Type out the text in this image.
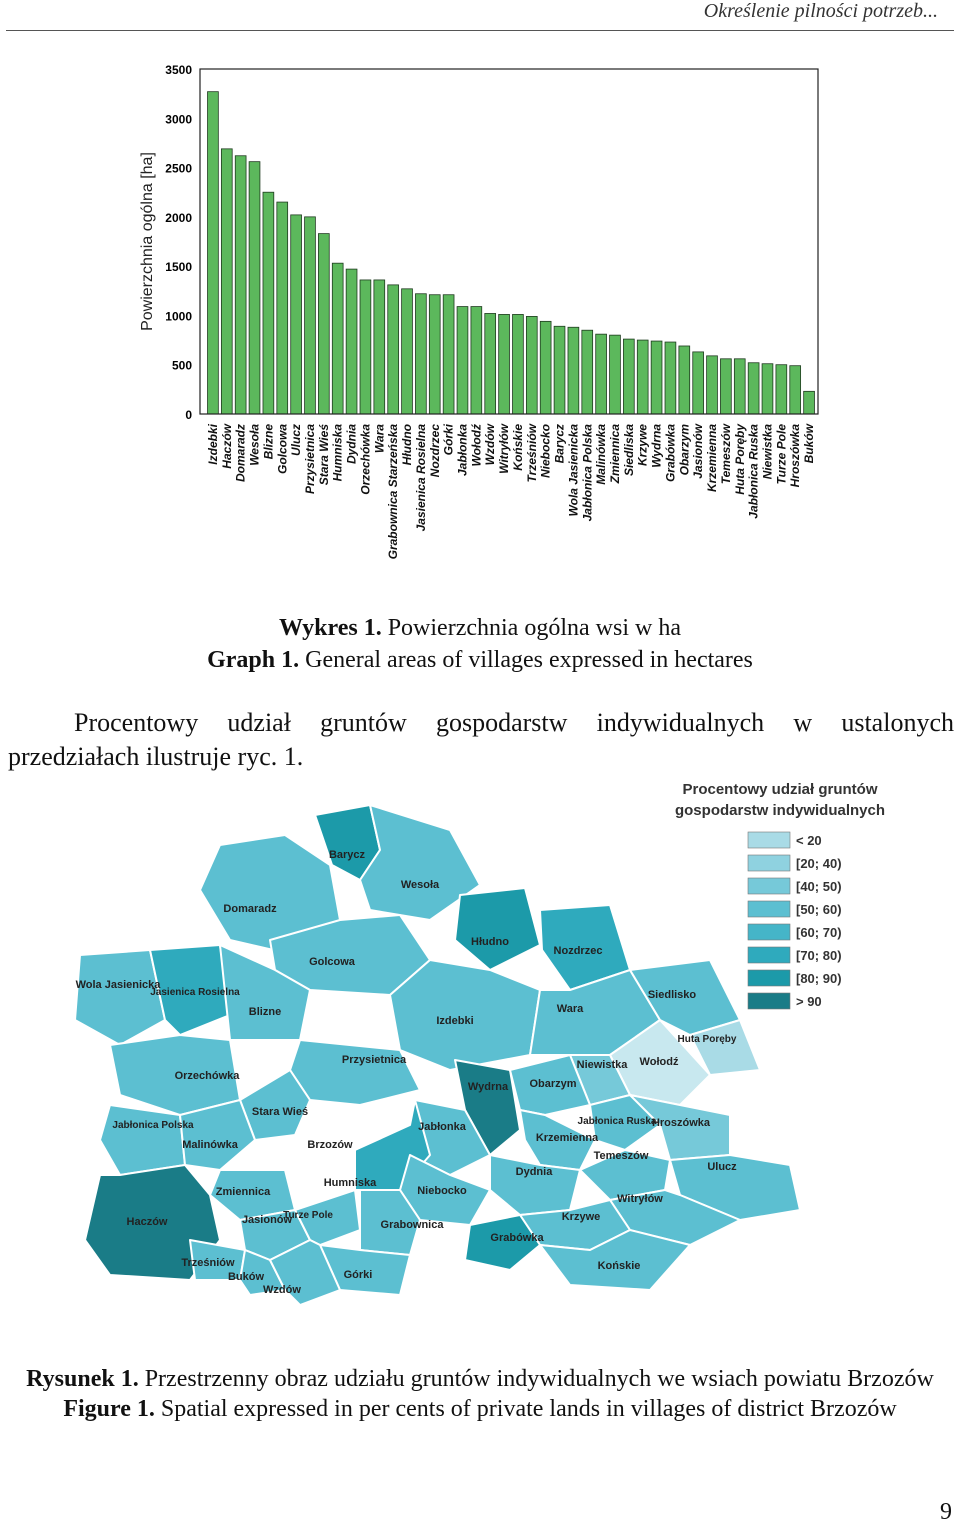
Określenie pilności potrzeb...
Powierzchnia ogólna [ha]
0
500
1000
1500
2000
2500
3000
3500
Izdebki Haczów Domaradz Wesoła Blizne Golcowa Ulucz Przysietnica Stara Wieś Humniska Dydnia Orzechówka Wara Grabownica Starzeńska Hłudno Jasienica Rosielna Nozdrzec Górki Jabłonka Wołodź Wzdów Witryłów Końskie Trześniów Niebocko Barycz Wola Jasienicka Jabłonica Polska Malinówka Zmiennica Siedliska Krzywe Wydrna Grabówka Obarzym Jasionów Krzemienna Temeszów Huta Poręby Jabłonica Ruska Niewistka Turze Pole Hroszówka Buków
Wykres 1. Powierzchnia ogólna wsi w ha
Graph 1. General areas of villages expressed in hectares
Procentowy udział gruntów gospodarstw indywidualnych w ustalonych przedziałach ilustruje ryc. 1.
Barycz
Wesoła
Domaradz
Hłudno
Nozdrzec
Golcowa
Wola Jasienicka
Jasienica Rosielna
Blizne
Izdebki
Wara
Siedlisko
Huta Poręby
Przysietnica	Niewistka Wołodź
Orzechówka
Wydrna Obarzym
Jabłonica Polska
Stara Wieś
Jabłonica Ruska
Hroszówka
Brzozów
Jabłonka
Krzemienna
Malinówka
Temeszów
Dydnia	Ulucz
Humniska
Zmiennica	Niebocko
Witryłów
Haczów	Jasionów
Turze Pole
Grabownica
Krzywe
Grabówka
Trześniów	Końskie
Buków	Górki
Wzdów
Procentowy udział gruntów
gospodarstw indywidualnych
< 20
[20; 40)
[40; 50)
[50; 60)
[60; 70)
[70; 80)
[80; 90)
> 90
Rysunek 1. Przestrzenny obraz udziału gruntów indywidualnych we wsiach powiatu Brzozów
Figure 1. Spatial expressed in per cents of private lands in villages of district Brzozów
9
